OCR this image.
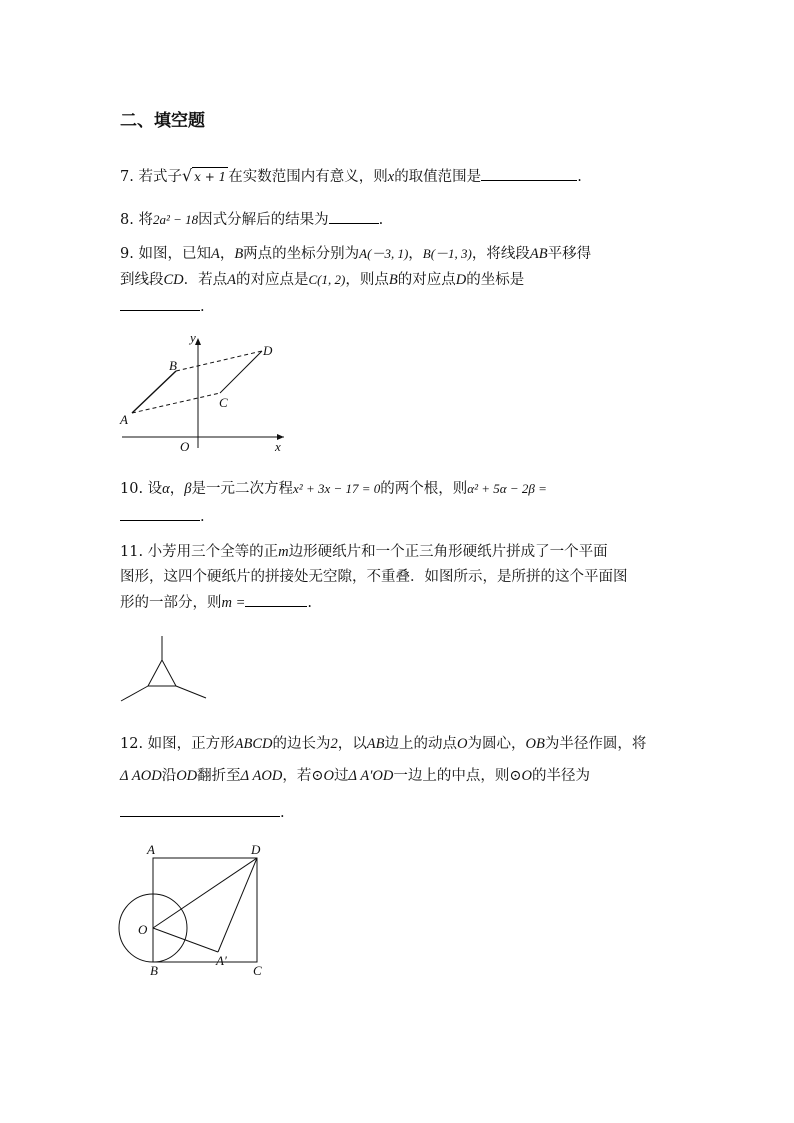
二、填空题
7. 若式子√ x + 1 在实数范围内有意义，则x的取值范围是	.
8. 将2a² − 18因式分解后的结果为	.
9. 如图，已知A，B两点的坐标分别为A(－3, 1)，B(－1, 3)，将线段AB平移得
到线段CD．若点A的对应点是C(1, 2)，则点B的对应点D的坐标是
.
y
x
O
A
B
C
D
10. 设α，β是一元二次方程x² + 3x − 17 = 0的两个根，则α² + 5α − 2β =
.
11. 小芳用三个全等的正m边形硬纸片和一个正三角形硬纸片拼成了一个平面
图形，这四个硬纸片的拼接处无空隙，不重叠．如图所示，是所拼的这个平面图
形的一部分，则m =	.
12. 如图，正方形ABCD的边长为2，以AB边上的动点O为圆心，OB为半径作圆，将
Δ AOD沿OD翻折至Δ AOD，若⊙O过Δ A′OD一边上的中点，则⊙O的半径为
.
A	D
O
A′
B	C
